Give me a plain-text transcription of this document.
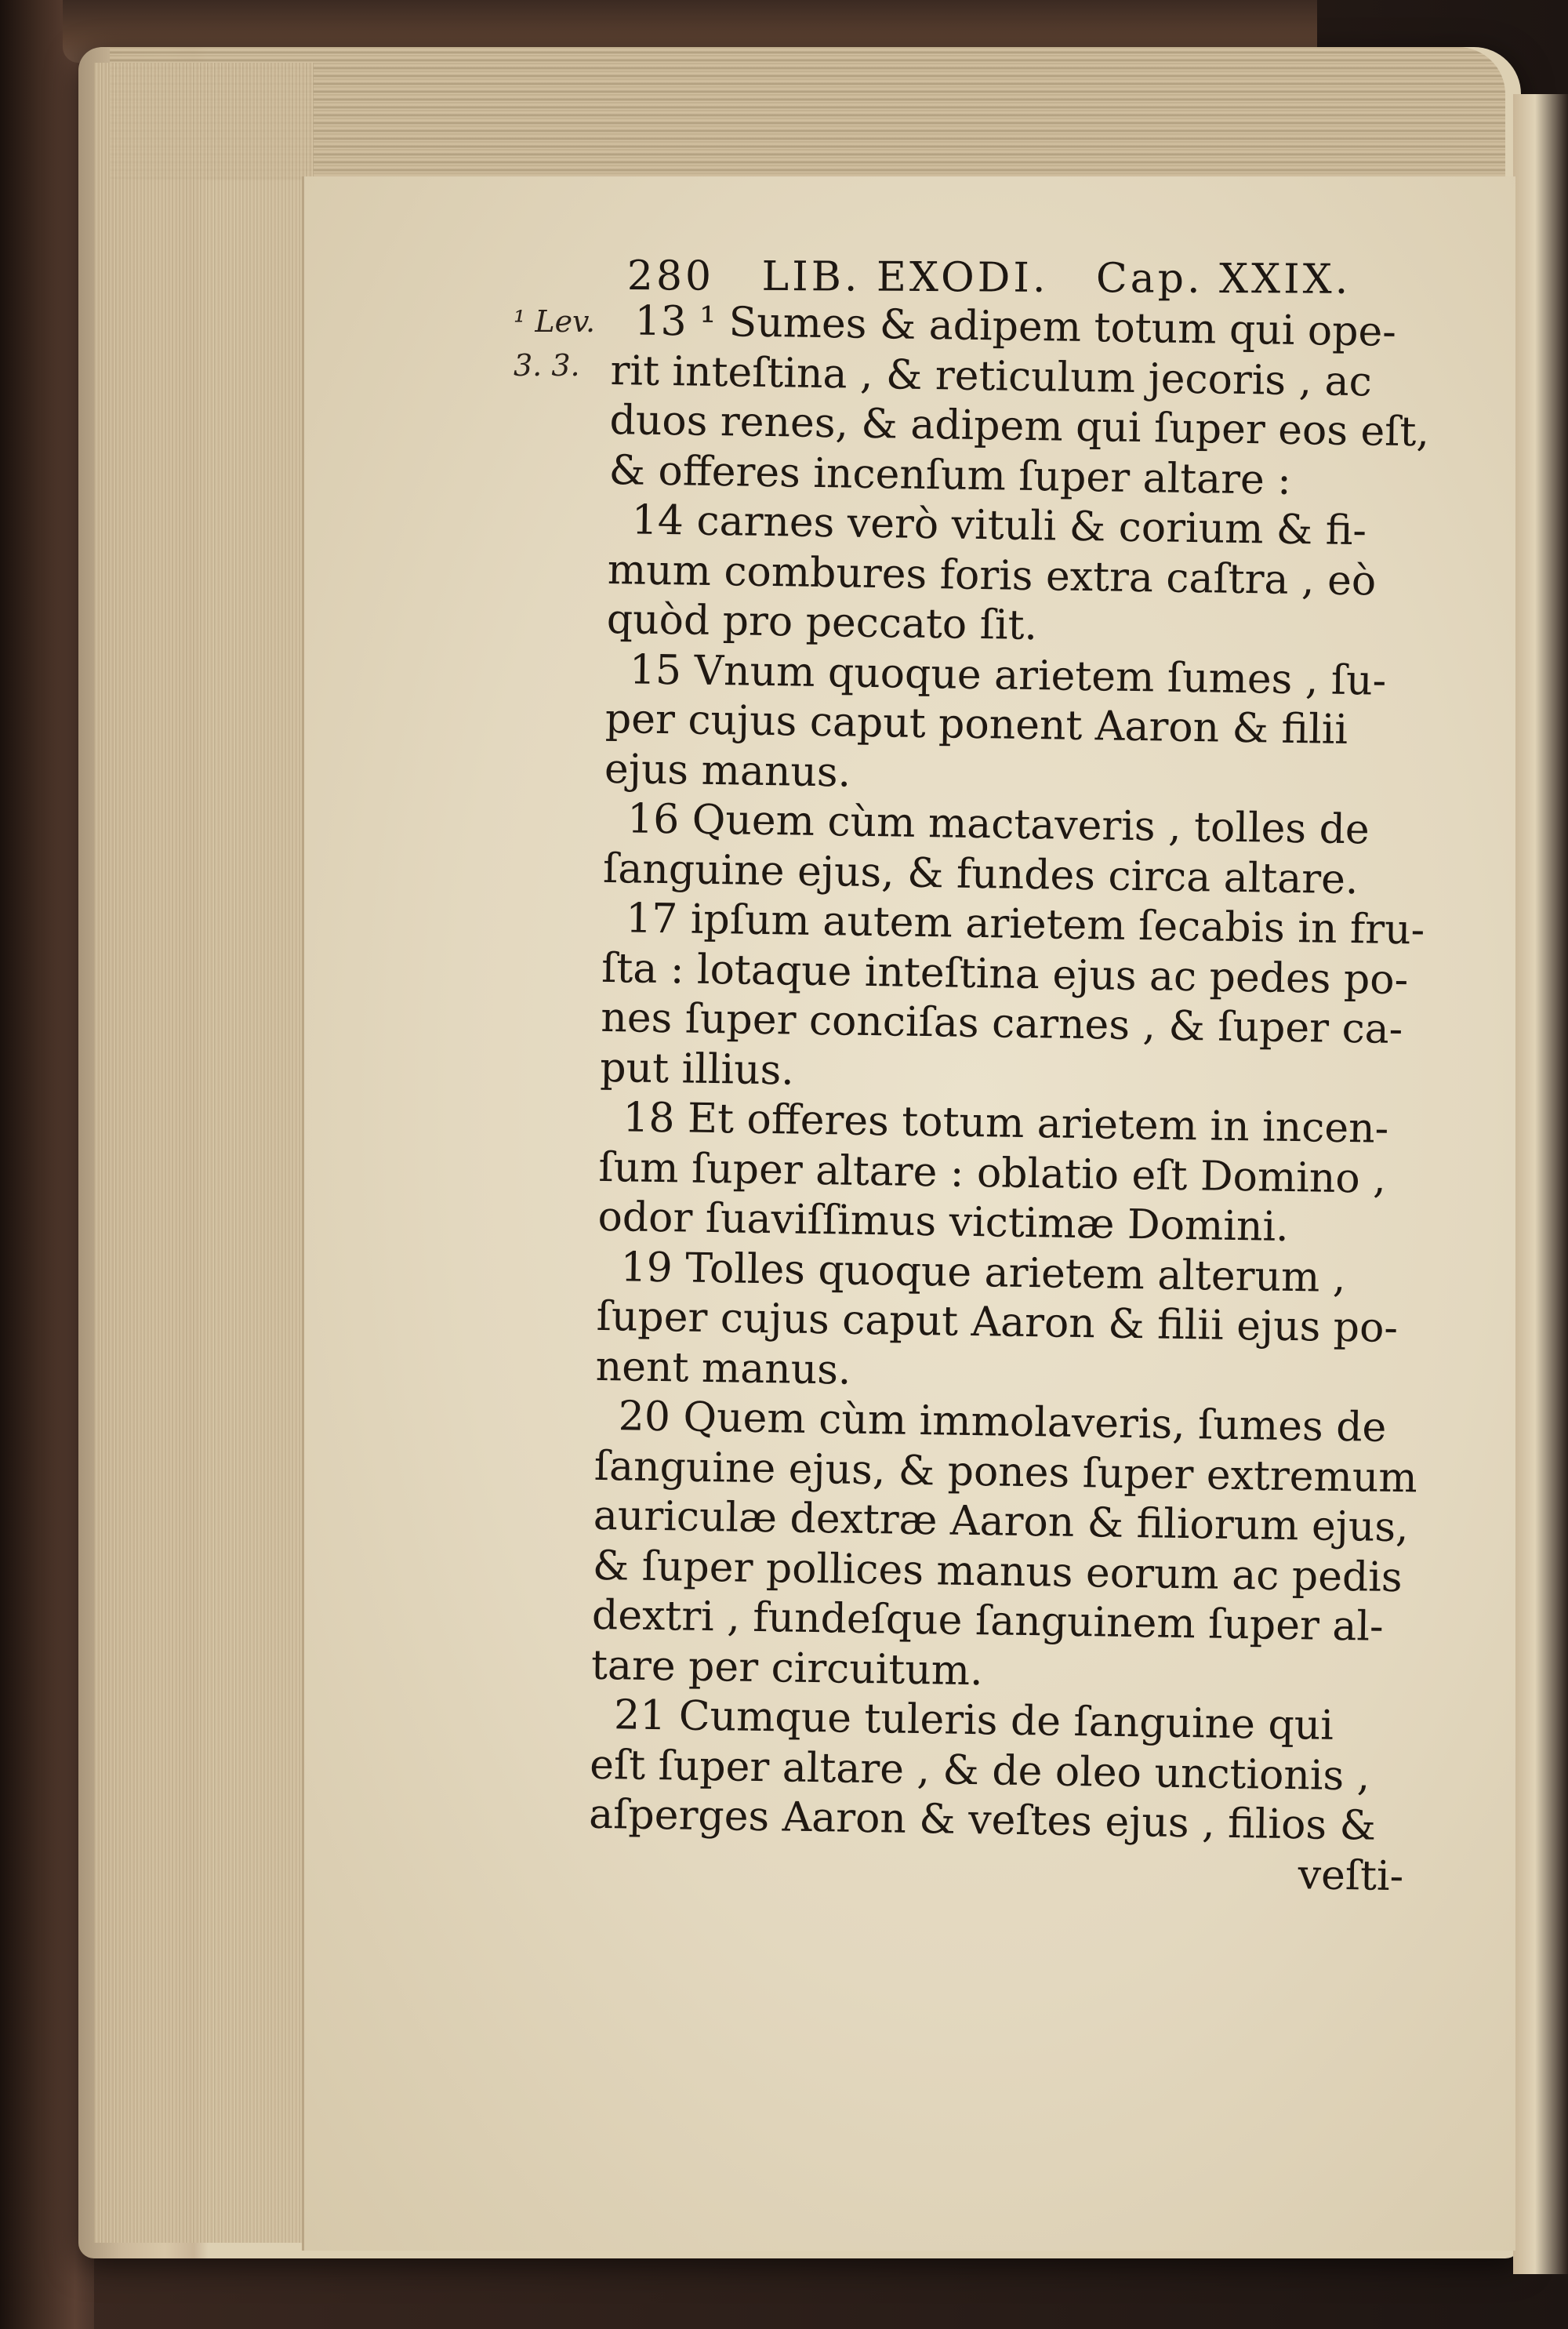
280 LIB. EXODI. Cap. XXIX.
¹ Lev.
3. 3.
13 ¹ Sumes & adipem totum qui ope-
rit inteſtina , & reticulum jecoris , ac
duos renes, & adipem qui ſuper eos eſt,
& offeres incenſum ſuper altare :
14 carnes verò vituli & corium & fi-
mum combures foris extra caſtra , eò
quòd pro peccato ſit.
15 Vnum quoque arietem ſumes , ſu-
per cujus caput ponent Aaron & filii
ejus manus.
16 Quem cùm mactaveris , tolles de
ſanguine ejus, & fundes circa altare.
17 ipſum autem arietem ſecabis in fru-
ſta : lotaque inteſtina ejus ac pedes po-
nes ſuper conciſas carnes , & ſuper ca-
put illius.
18 Et offeres totum arietem in incen-
ſum ſuper altare : oblatio eſt Domino ,
odor ſuaviſſimus victimæ Domini.
19 Tolles quoque arietem alterum ,
ſuper cujus caput Aaron & filii ejus po-
nent manus.
20 Quem cùm immolaveris, ſumes de
ſanguine ejus, & pones ſuper extremum
auriculæ dextræ Aaron & filiorum ejus,
& ſuper pollices manus eorum ac pedis
dextri , fundeſque ſanguinem ſuper al-
tare per circuitum.
21 Cumque tuleris de ſanguine qui
eſt ſuper altare , & de oleo unctionis ,
aſperges Aaron & veſtes ejus , filios &
veſti-
